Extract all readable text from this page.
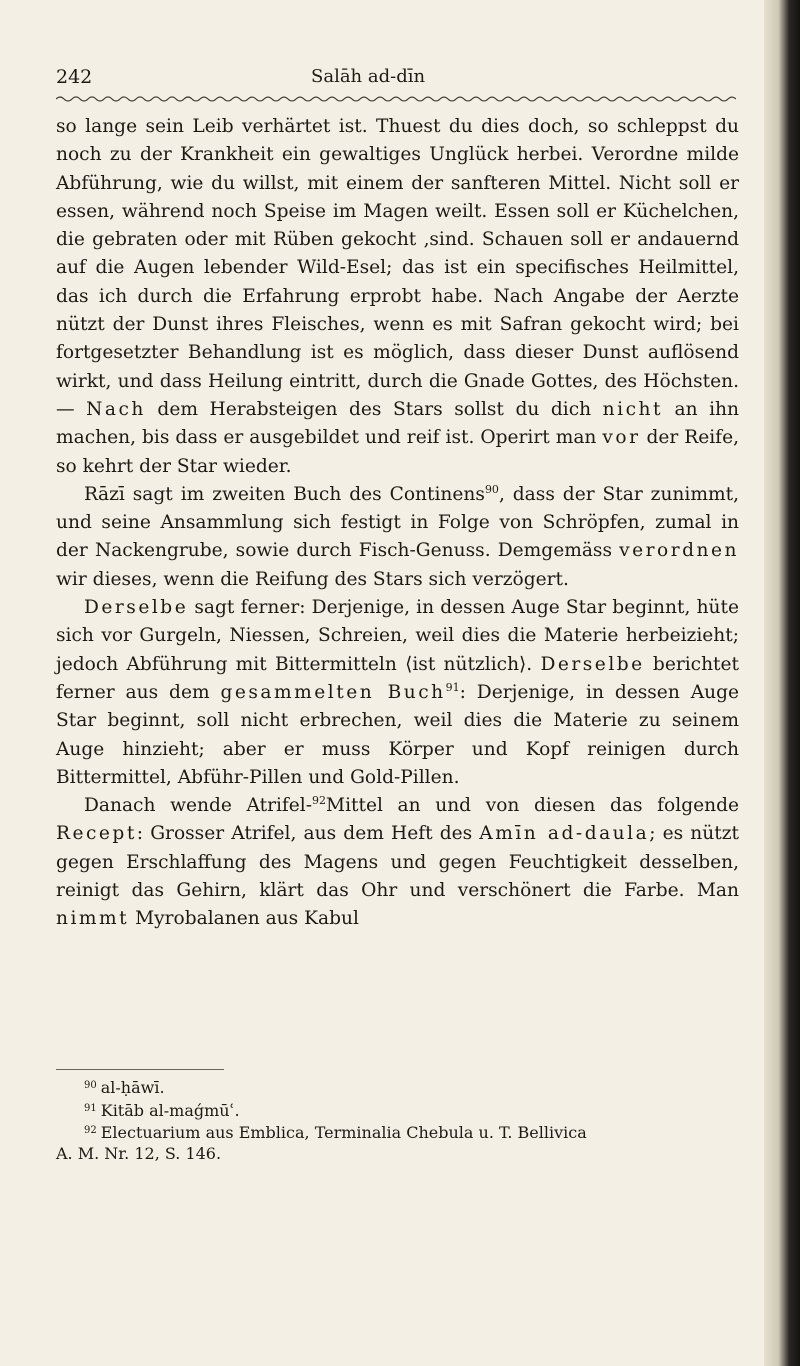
242	Salāh ad-dīn

so lange sein Leib verhärtet ist. Thuest du dies doch, so schleppst du noch zu der Krankheit ein gewaltiges Unglück herbei. Verordne milde Abführung, wie du willst, mit einem der sanfteren Mittel. Nicht soll er essen, während noch Speise im Magen weilt. Essen soll er Küchelchen, die gebraten oder mit Rüben gekocht ‚sind. Schauen soll er andauernd auf die Augen lebender Wild-Esel; das ist ein specifisches Heilmittel, das ich durch die Erfahrung erprobt habe. Nach Angabe der Aerzte nützt der Dunst ihres Fleisches, wenn es mit Safran gekocht wird; bei fortgesetzter Behandlung ist es möglich, dass dieser Dunst auflösend wirkt, und dass Heilung eintritt, durch die Gnade Gottes, des Höchsten. — Nach dem Herabsteigen des Stars sollst du dich nicht an ihn machen, bis dass er ausgebildet und reif ist. Operirt man vor der Reife, so kehrt der Star wieder.

Rāzī sagt im zweiten Buch des Continens$^{90}$, dass der Star zunimmt, und seine Ansammlung sich festigt in Folge von Schröpfen, zumal in der Nackengrube, sowie durch Fisch-Genuss. Demgemäss verordnen wir dieses, wenn die Reifung des Stars sich verzögert.

Derselbe sagt ferner: Derjenige, in dessen Auge Star beginnt, hüte sich vor Gurgeln, Niessen, Schreien, weil dies die Materie herbeizieht; jedoch Abführung mit Bittermitteln ⟨ist nützlich⟩. Derselbe berichtet ferner aus dem gesammelten Buch$^{91}$: Derjenige, in dessen Auge Star beginnt, soll nicht erbrechen, weil dies die Materie zu seinem Auge hinzieht; aber er muss Körper und Kopf reinigen durch Bittermittel, Abführ-Pillen und Gold-Pillen.

Danach wende Atrifel-$^{92}$Mittel an und von diesen das folgende Recept: Grosser Atrifel, aus dem Heft des Amīn ad-daula; es nützt gegen Erschlaffung des Magens und gegen Feuchtigkeit desselben, reinigt das Gehirn, klärt das Ohr und verschönert die Farbe. Man nimmt Myrobalanen aus Kabul

$^{90}$ al-ḥāwī.
$^{91}$ Kitāb al-maǵmūʿ.
$^{92}$ Electuarium aus Emblica, Terminalia Chebula u. T. Bellivica
A. M. Nr. 12, S. 146.
